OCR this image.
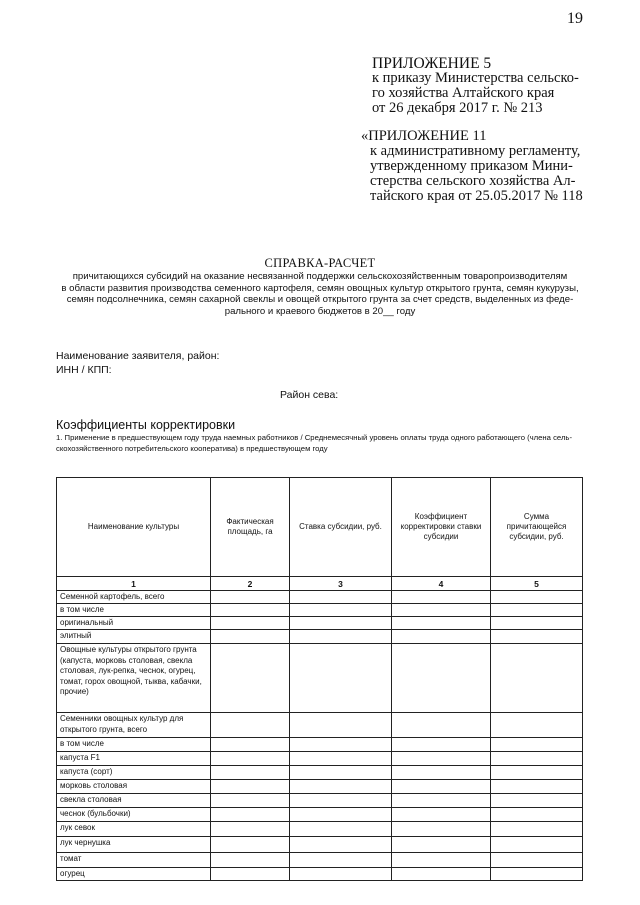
19
ПРИЛОЖЕНИЕ 5
к приказу Министерства сельско-
го хозяйства Алтайского края
от 26 декабря 2017 г. № 213
«ПРИЛОЖЕНИЕ 11
к административному регламенту,
утвержденному приказом Мини-
стерства сельского хозяйства Ал-
тайского края от 25.05.2017 № 118
СПРАВКА-РАСЧЕТ
причитающихся субсидий на оказание несвязанной поддержки сельскохозяйственным товаропроизводителям
в области развития производства семенного картофеля, семян овощных культур открытого грунта, семян кукурузы,
семян подсолнечника, семян сахарной свеклы и овощей открытого грунта за счет средств, выделенных из феде-
рального и краевого бюджетов в 20__ году
Наименование заявителя, район:
ИНН / КПП:
Район сева:
Коэффициенты корректировки
1. Применение в предшествующем году труда наемных работников / Среднемесячный уровень оплаты труда одного работающего (члена сель-
скохозяйственного потребительского кооператива) в предшествующем году
Наименование культуры	Фактическая площадь, га	Ставка субсидии, руб.	Коэффициент корректировки ставки субсидии	Сумма причитающейся субсидии, руб.
1	2	3	4	5
Семенной картофель, всего				
в том числе				
оригинальный				
элитный				
Овощные культуры открытого грунта (капуста, морковь столовая, свекла столовая, лук-репка, чеснок, огурец, томат, горох овощной, тыква, кабачки, прочие)				
Семенники овощных культур для открытого грунта, всего				
в том числе				
капуста F1				
капуста (сорт)				
морковь столовая				
свекла столовая				
чеснок (бульбочки)				
лук севок				
лук чернушка				
томат				
огурец				
